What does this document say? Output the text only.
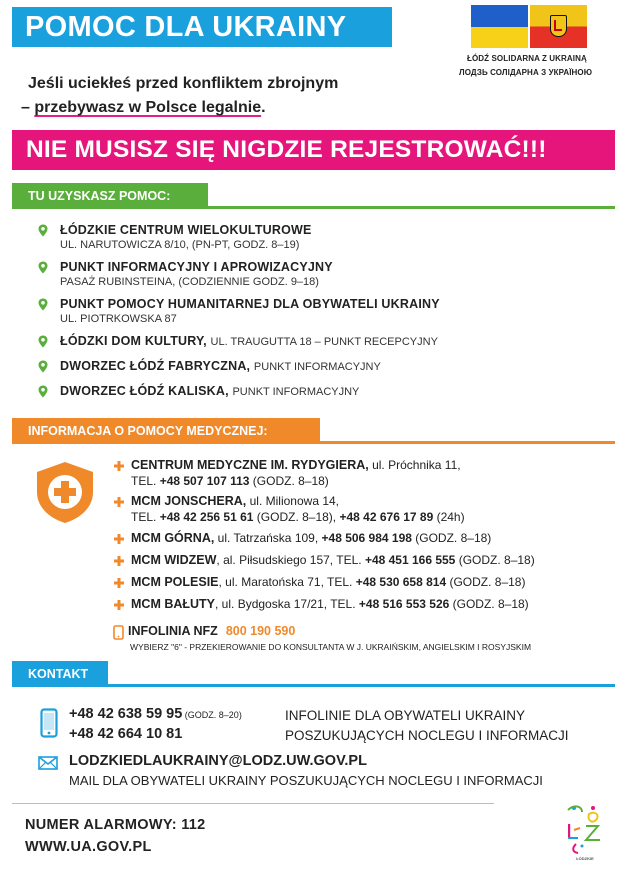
POMOC DLA UKRAINY
ŁÓDŹ SOLIDARNA Z UKRAINĄ
ЛОДЗЬ СОЛІДАРНА З УКРАЇНОЮ
Jeśli uciekłeś przed konfliktem zbrojnym
– przebywasz w Polsce legalnie.
NIE MUSISZ SIĘ NIGDZIE REJESTROWAĆ!!!
TU UZYSKASZ POMOC:
ŁÓDZKIE CENTRUM WIELOKULTUROWE
UL. NARUTOWICZA 8/10, (PN-PT, GODZ. 8–19)
PUNKT INFORMACYJNY I APROWIZACYJNY
PASAŻ RUBINSTEINA, (CODZIENNIE GODZ. 9–18)
PUNKT POMOCY HUMANITARNEJ DLA OBYWATELI UKRAINY
UL. PIOTRKOWSKA 87
ŁÓDZKI DOM KULTURY, UL. TRAUGUTTA 18 – PUNKT RECEPCYJNY
DWORZEC ŁÓDŹ FABRYCZNA, PUNKT INFORMACYJNY
DWORZEC ŁÓDŹ KALISKA, PUNKT INFORMACYJNY
INFORMACJA O POMOCY MEDYCZNEJ:
CENTRUM MEDYCZNE IM. RYDYGIERA, ul. Próchnika 11,
TEL. +48 507 107 113 (GODZ. 8–18)
MCM JONSCHERA, ul. Milionowa 14,
TEL. +48 42 256 51 61 (GODZ. 8–18), +48 42 676 17 89 (24h)
MCM GÓRNA, ul. Tatrzańska 109, +48 506 984 198 (GODZ. 8–18)
MCM WIDZEW, al. Piłsudskiego 157, TEL. +48 451 166 555 (GODZ. 8–18)
MCM POLESIE, ul. Maratońska 71, TEL. +48 530 658 814 (GODZ. 8–18)
MCM BAŁUTY, ul. Bydgoska 17/21, TEL. +48 516 553 526 (GODZ. 8–18)
INFOLINIA NFZ 800 190 590
WYBIERZ "6" - PRZEKIEROWANIE DO KONSULTANTA W J. UKRAIŃSKIM, ANGIELSKIM I ROSYJSKIM
KONTAKT
+48 42 638 59 95 (GODZ. 8–20)
+48 42 664 10 81
INFOLINIE DLA OBYWATELI UKRAINY
POSZUKUJĄCYCH NOCLEGU I INFORMACJI
LODZKIEDLAUKRAINY@LODZ.UW.GOV.PL
MAIL DLA OBYWATELI UKRAINY POSZUKUJĄCYCH NOCLEGU I INFORMACJI
NUMER ALARMOWY: 112
WWW.UA.GOV.PL
ŁÓDZKIE
